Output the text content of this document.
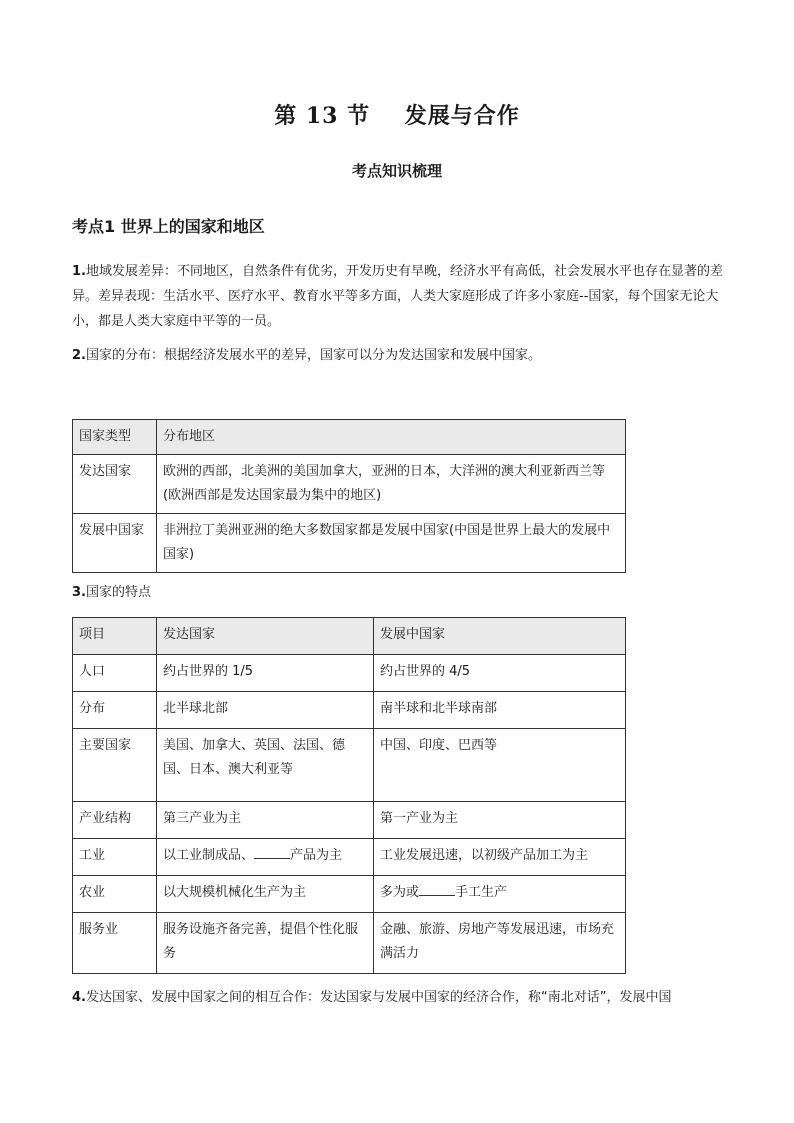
第 13 节    发展与合作
考点知识梳理
考点1 世界上的国家和地区
1.地域发展差异：不同地区，自然条件有优劣，开发历史有早晚，经济水平有高低，社会发展水平也存在显著的差异。差异表现：生活水平、医疗水平、教育水平等多方面，人类大家庭形成了许多小家庭--国家，每个国家无论大小，都是人类大家庭中平等的一员。
2.国家的分布：根据经济发展水平的差异，国家可以分为发达国家和发展中国家。
国家类型	分布地区
发达国家	欧洲的西部，北美洲的美国加拿大，亚洲的日本，大洋洲的澳大利亚新西兰等(欧洲西部是发达国家最为集中的地区)
发展中国家	非洲拉丁美洲亚洲的绝大多数国家都是发展中国家(中国是世界上最大的发展中国家)
3.国家的特点
项目	发达国家	发展中国家
人口	约占世界的 1/5	约占世界的 4/5
分布	北半球北部	南半球和北半球南部
主要国家	美国、加拿大、英国、法国、德国、日本、澳大利亚等	中国、印度、巴西等
产业结构	第三产业为主	第一产业为主
工业	以工业制成品、 产品为主	工业发展迅速，以初级产品加工为主
农业	以大规模机械化生产为主	多为或 手工生产
服务业	服务设施齐备完善，提倡个性化服务	金融、旅游、房地产等发展迅速，市场充满活力
4.发达国家、发展中国家之间的相互合作：发达国家与发展中国家的经济合作，称“南北对话”，发展中国
